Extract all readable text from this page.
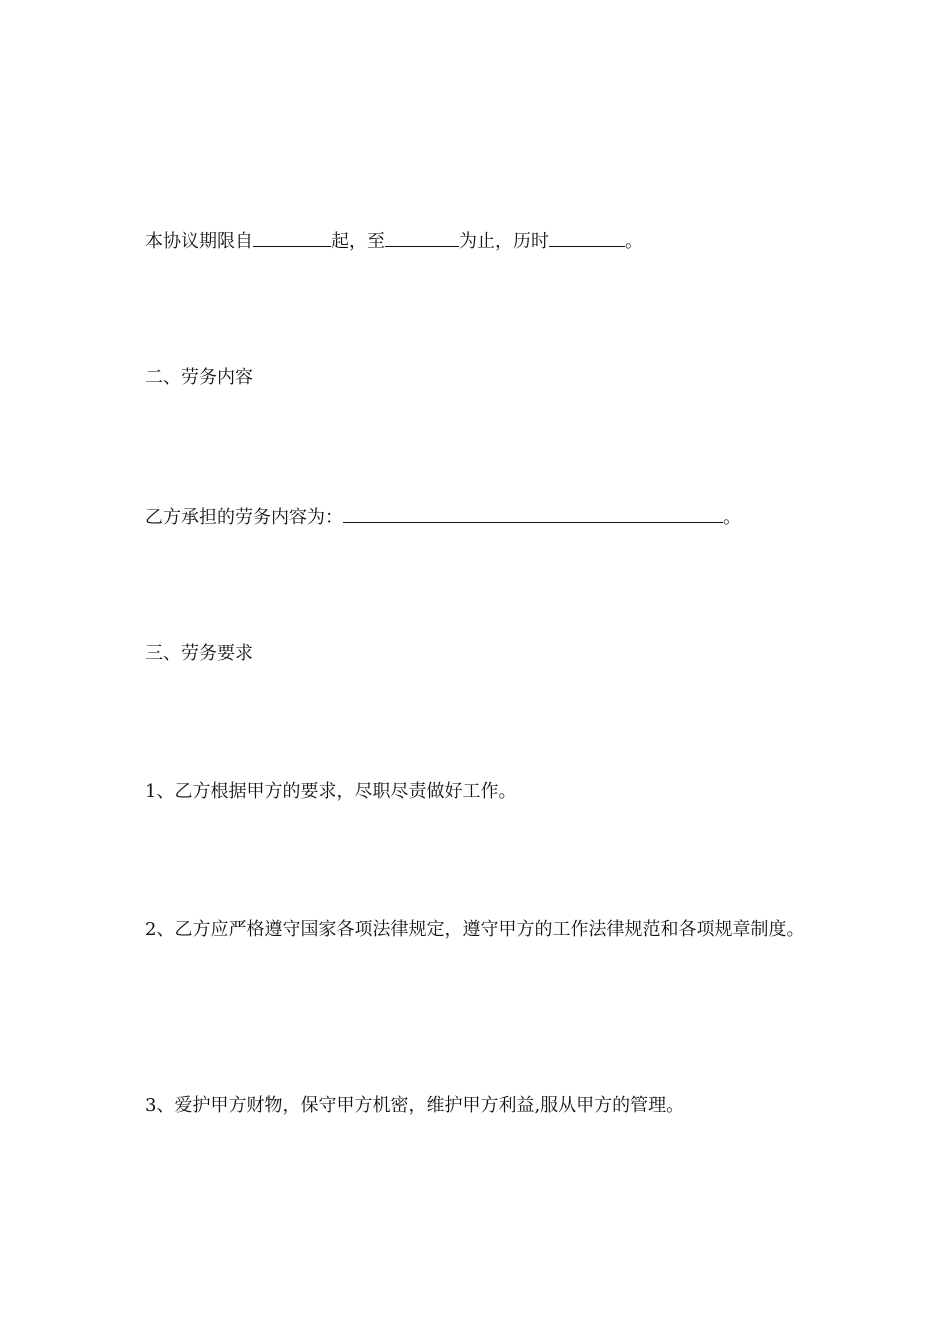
本协议期限自	起，至	为止，历时	。
二、劳务内容
乙方承担的劳务内容为：	。
三、劳务要求
1、乙方根据甲方的要求，尽职尽责做好工作。
2、乙方应严格遵守国家各项法律规定，遵守甲方的工作法律规范和各项规章制度。
3、爱护甲方财物，保守甲方机密，维护甲方利益,服从甲方的管理。
